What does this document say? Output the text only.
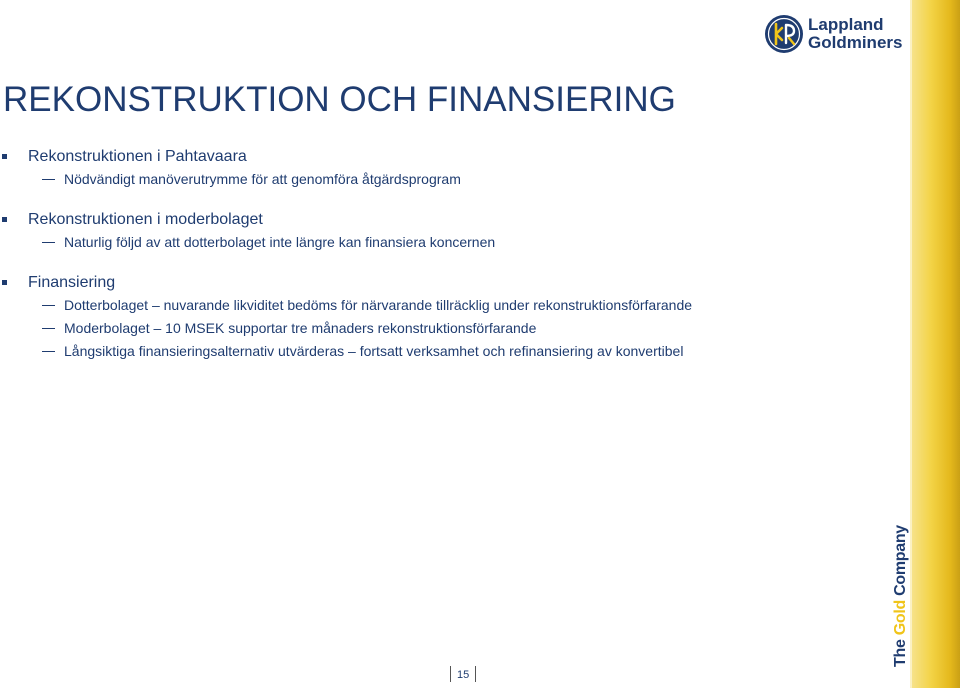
Lappland
Goldminers
REKONSTRUKTION OCH FINANSIERING
Rekonstruktionen i Pahtavaara
Nödvändigt manöverutrymme för att genomföra åtgärdsprogram
Rekonstruktionen i moderbolaget
Naturlig följd av att dotterbolaget inte längre kan finansiera koncernen
Finansiering
Dotterbolaget – nuvarande likviditet bedöms för närvarande tillräcklig under rekonstruktionsförfarande
Moderbolaget – 10 MSEK supportar tre månaders rekonstruktionsförfarande
Långsiktiga finansieringsalternativ utvärderas – fortsatt verksamhet och refinansiering av konvertibel
The Gold Company
15
